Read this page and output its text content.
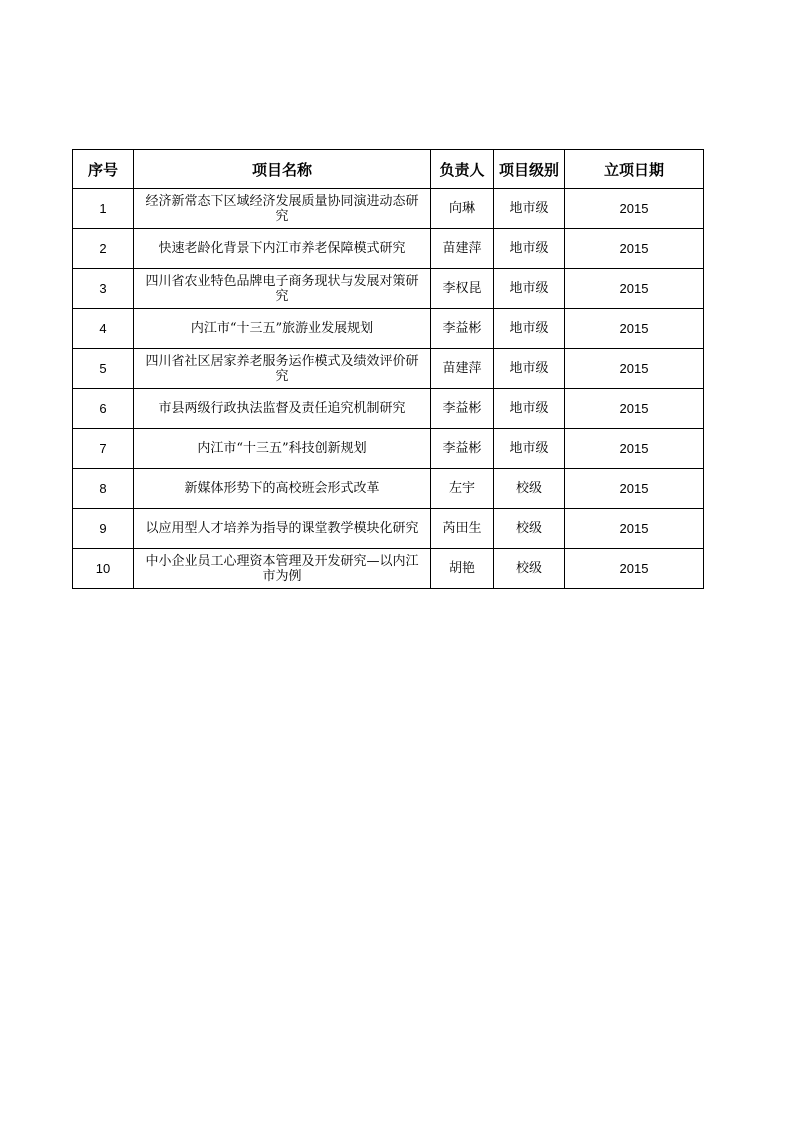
序号	项目名称	负责人	项目级别	立项日期
1	经济新常态下区域经济发展质量协同演进动态研究	向琳	地市级	2015
2	快速老龄化背景下内江市养老保障模式研究	苗建萍	地市级	2015
3	四川省农业特色品牌电子商务现状与发展对策研究	李权昆	地市级	2015
4	内江市“十三五”旅游业发展规划	李益彬	地市级	2015
5	四川省社区居家养老服务运作模式及绩效评价研究	苗建萍	地市级	2015
6	市县两级行政执法监督及责任追究机制研究	李益彬	地市级	2015
7	内江市“十三五”科技创新规划	李益彬	地市级	2015
8	新媒体形势下的高校班会形式改革	左宇	校级	2015
9	以应用型人才培养为指导的课堂教学模块化研究	芮田生	校级	2015
10	中小企业员工心理资本管理及开发研究—以内江市为例	胡艳	校级	2015
